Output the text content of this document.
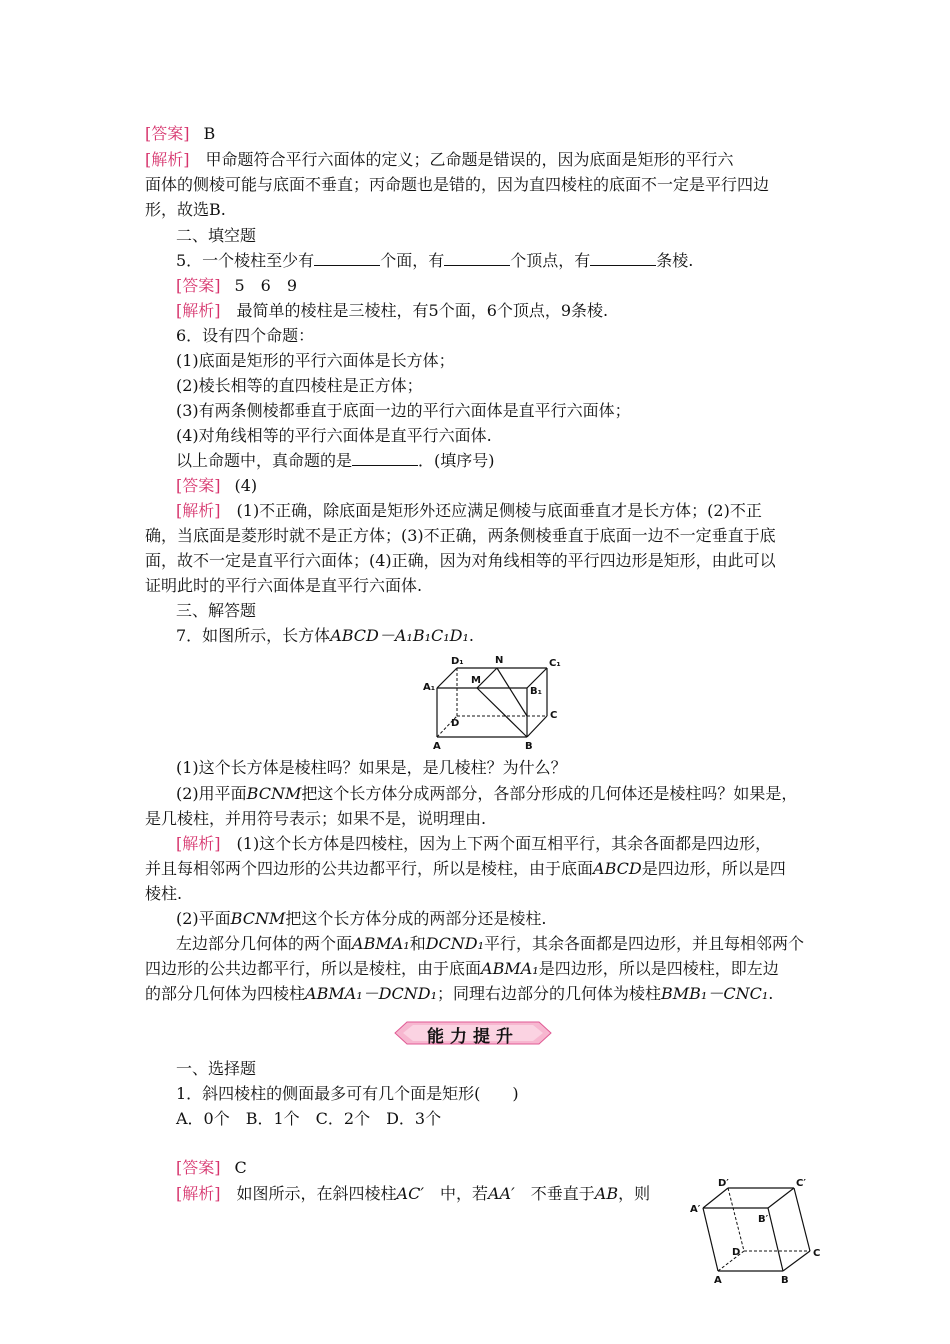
[答案] B
[解析]　 甲命题符合平行六面体的定义；乙命题是错误的，因为底面是矩形的平行六
面体的侧棱可能与底面不垂直；丙命题也是错的，因为直四棱柱的底面不一定是平行四边
形，故选B.
二、填空题
5．一个棱柱至少有	个面，有	个顶点，有	条棱.
[答案] 5　6　9
[解析]　 最简单的棱柱是三棱柱，有5个面，6个顶点，9条棱.
6．设有四个命题：
(1)底面是矩形的平行六面体是长方体；
(2)棱长相等的直四棱柱是正方体；
(3)有两条侧棱都垂直于底面一边的平行六面体是直平行六面体；
(4)对角线相等的平行六面体是直平行六面体.
以上命题中，真命题的是	．(填序号)
[答案] (4)
[解析]　 (1)不正确，除底面是矩形外还应满足侧棱与底面垂直才是长方体；(2)不正
确，当底面是菱形时就不是正方体；(3)不正确，两条侧棱垂直于底面一边不一定垂直于底
面，故不一定是直平行六面体；(4)正确，因为对角线相等的平行四边形是矩形，由此可以
证明此时的平行六面体是直平行六面体.
三、解答题
7．如图所示，长方体ABCD－A₁B₁C₁D₁.
D₁	N	C₁
A₁
M
B₁
D
C
A	B
(1)这个长方体是棱柱吗？如果是，是几棱柱？为什么？
(2)用平面BCNM把这个长方体分成两部分，各部分形成的几何体还是棱柱吗？如果是，
是几棱柱，并用符号表示；如果不是，说明理由.
[解析]　 (1)这个长方体是四棱柱，因为上下两个面互相平行，其余各面都是四边形，
并且每相邻两个四边形的公共边都平行，所以是棱柱，由于底面ABCD是四边形，所以是四
棱柱.
(2)平面BCNM把这个长方体分成的两部分还是棱柱.
左边部分几何体的两个面ABMA₁和DCND₁平行，其余各面都是四边形，并且每相邻两个
四边形的公共边都平行，所以是棱柱，由于底面ABMA₁是四边形，所以是四棱柱，即左边
的部分几何体为四棱柱ABMA₁－DCND₁；同理右边部分的几何体为棱柱BMB₁－CNC₁.
能力提升
一、选择题
1．斜四棱柱的侧面最多可有几个面是矩形(　　)
A．0个　B．1个　C．2个　D．3个
[答案] C
[解析]　 如图所示，在斜四棱柱AC′　 中，若AA′　 不垂直于AB，则
D′	C′
A′
B′
D	C
A	B
